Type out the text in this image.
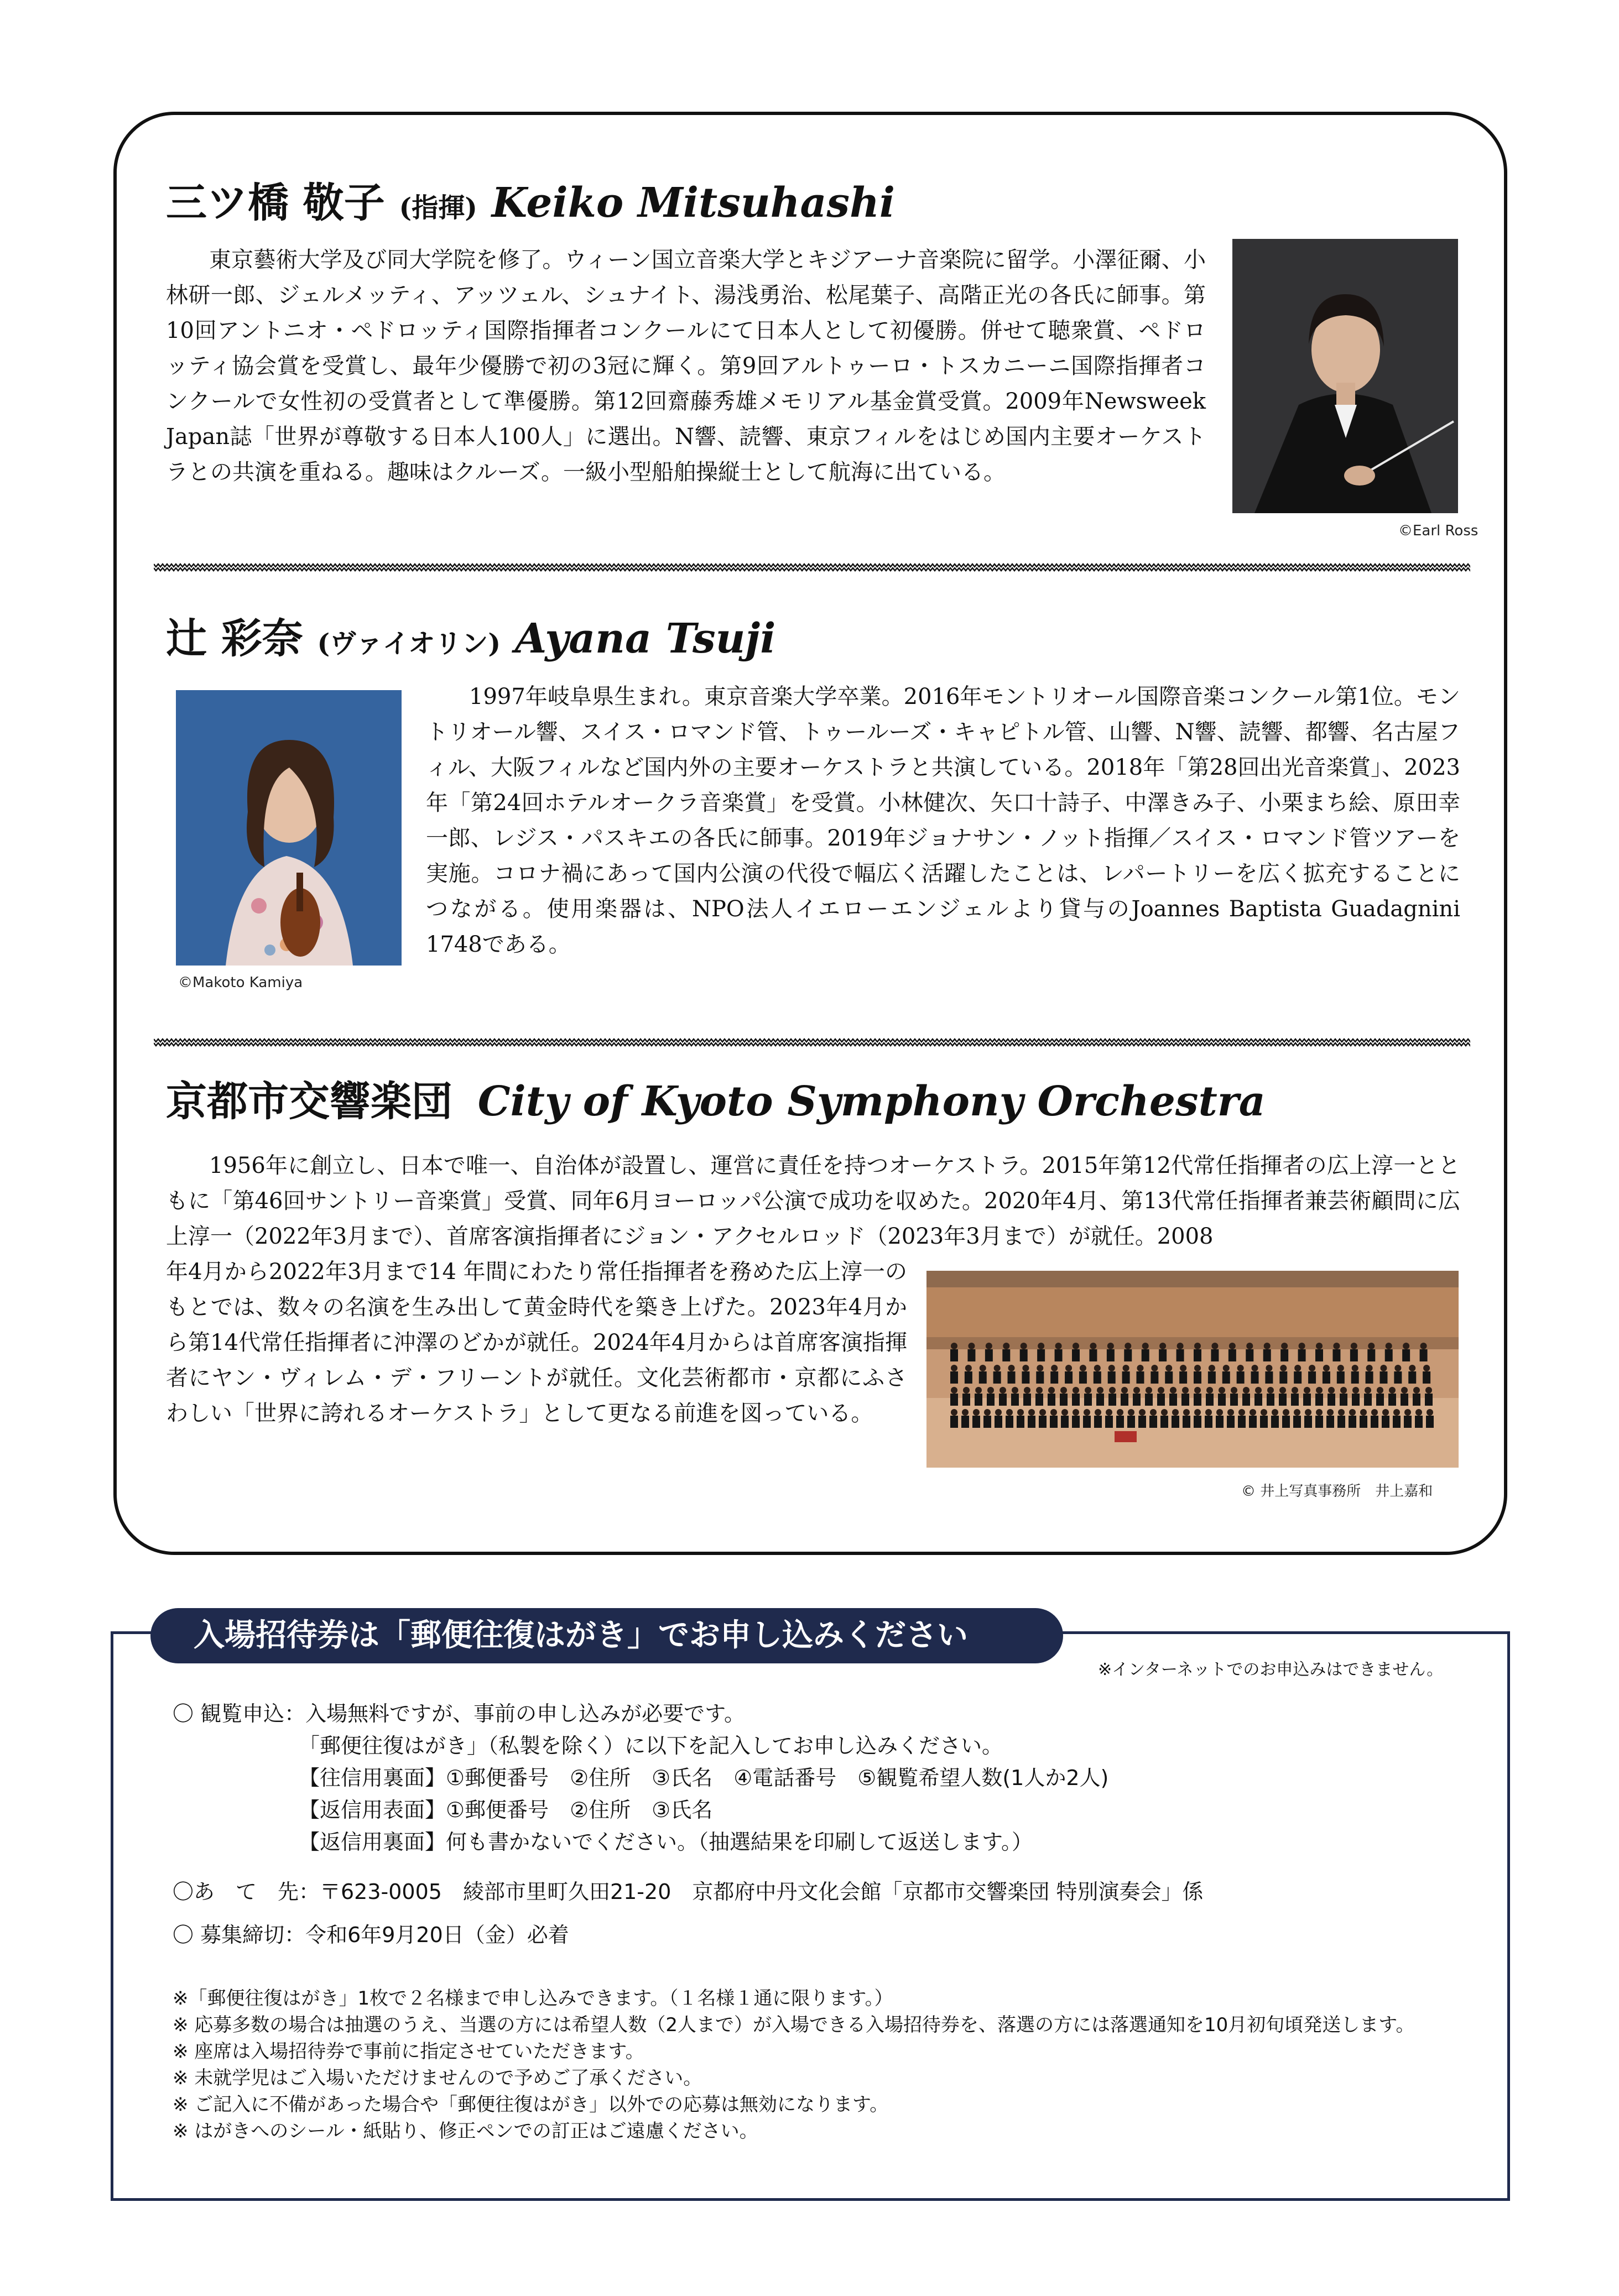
三ツ橋 敬子 (指揮) Keiko Mitsuhashi

東京藝術大学及び同大学院を修了。ウィーン国立音楽大学とキジアーナ音楽院に留学。小澤征爾、小林研一郎、ジェルメッティ、アッツェル、シュナイト、湯浅勇治、松尾葉子、高階正光の各氏に師事。第10回アントニオ・ペドロッティ国際指揮者コンクールにて日本人として初優勝。併せて聴衆賞、ペドロッティ協会賞を受賞し、最年少優勝で初の3冠に輝く。第9回アルトゥーロ・トスカニーニ国際指揮者コンクールで女性初の受賞者として準優勝。第12回齋藤秀雄メモリアル基金賞受賞。2009年Newsweek　Japan誌「世界が尊敬する日本人100人」に選出。N響、読響、東京フィルをはじめ国内主要オーケストラとの共演を重ねる。趣味はクルーズ。一級小型船舶操縦士として航海に出ている。

©Earl Ross
辻 彩奈 (ヴァイオリン) Ayana Tsuji
©Makoto Kamiya

1997年岐阜県生まれ。東京音楽大学卒業。2016年モントリオール国際音楽コンクール第1位。モントリオール響、スイス・ロマンド管、トゥールーズ・キャピトル管、山響、N響、読響、都響、名古屋フィル、大阪フィルなど国内外の主要オーケストラと共演している。2018年「第28回出光音楽賞」、2023年「第24回ホテルオークラ音楽賞」を受賞。小林健次、矢口十詩子、中澤きみ子、小栗まち絵、原田幸一郎、レジス・パスキエの各氏に師事。2019年ジョナサン・ノット指揮／スイス・ロマンド管ツアーを実施。コロナ禍にあって国内公演の代役で幅広く活躍したことは、レパートリーを広く拡充することにつながる。使用楽器は、NPO法人イエローエンジェルより貸与のJoannes Baptista Guadagnini 1748である。

京都市交響楽団 City of Kyoto Symphony Orchestra

1956年に創立し、日本で唯一、自治体が設置し、運営に責任を持つオーケストラ。2015年第12代常任指揮者の広上淳一とともに「第46回サントリー音楽賞」受賞、同年6月ヨーロッパ公演で成功を収めた。2020年4月、第13代常任指揮者兼芸術顧問に広上淳一（2022年3月まで）、首席客演指揮者にジョン・アクセルロッド（2023年3月まで）が就任。2008

年4月から2022年3月まで14 年間にわたり常任指揮者を務めた広上淳一のもとでは、数々の名演を生み出して黄金時代を築き上げた。2023年4月から第14代常任指揮者に沖澤のどかが就任。2024年4月からは首席客演指揮者にヤン・ヴィレム・デ・フリーントが就任。文化芸術都市・京都にふさわしい「世界に誇れるオーケストラ」として更なる前進を図っている。

© 井上写真事務所　井上嘉和
入場招待券は「郵便往復はがき」でお申し込みください
※インターネットでのお申込みはできません。
〇 観覧申込：入場無料ですが、事前の申し込みが必要です。
「郵便往復はがき」（私製を除く）に以下を記入してお申し込みください。
【往信用裏面】①郵便番号　②住所　③氏名　④電話番号　⑤観覧希望人数(1人か2人)
【返信用表面】①郵便番号　②住所　③氏名
【返信用裏面】何も書かないでください。（抽選結果を印刷して返送します。）
〇あ　て　先：〒623-0005　綾部市里町久田21-20　京都府中丹文化会館「京都市交響楽団 特別演奏会」係
〇 募集締切：令和6年9月20日（金）必着
※「郵便往復はがき」1枚で２名様まで申し込みできます。（１名様１通に限ります。）
※ 応募多数の場合は抽選のうえ、当選の方には希望人数（2人まで）が入場できる入場招待券を、落選の方には落選通知を10月初旬頃発送します。
※ 座席は入場招待券で事前に指定させていただきます。
※ 未就学児はご入場いただけませんので予めご了承ください。
※ ご記入に不備があった場合や「郵便往復はがき」以外での応募は無効になります。
※ はがきへのシール・紙貼り、修正ペンでの訂正はご遠慮ください。
